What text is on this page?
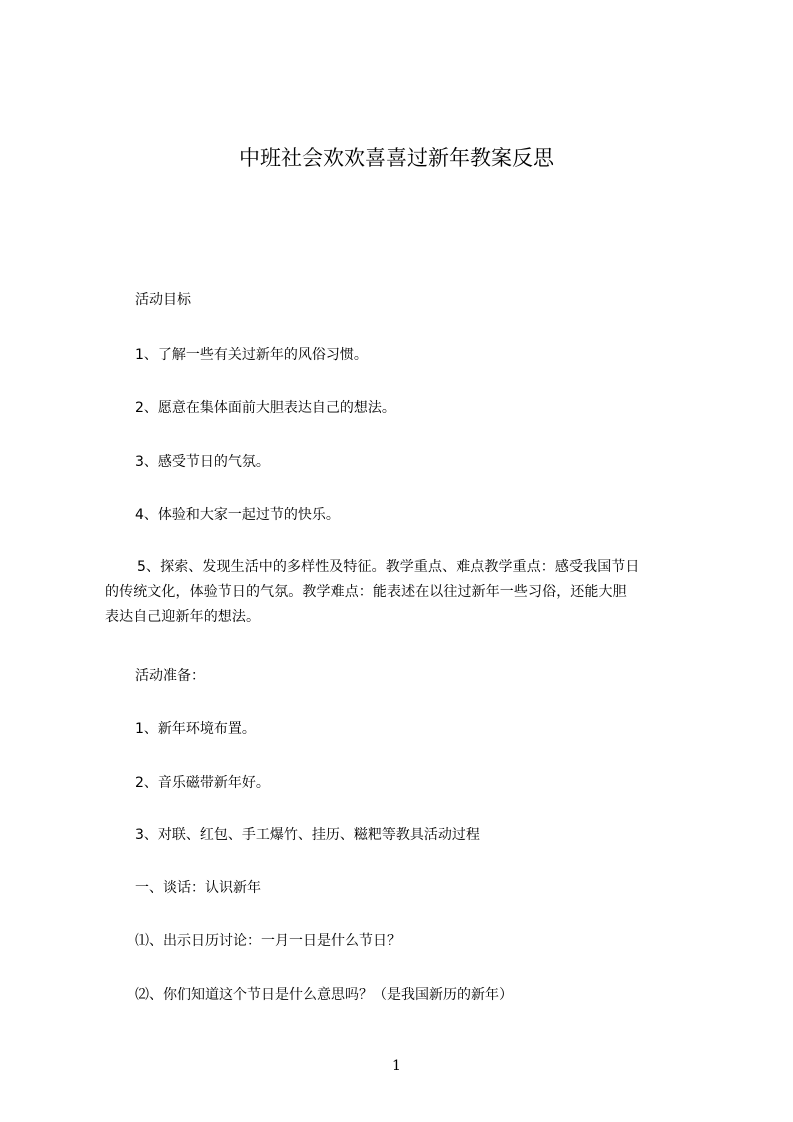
中班社会欢欢喜喜过新年教案反思
活动目标
1、了解一些有关过新年的风俗习惯。
2、愿意在集体面前大胆表达自己的想法。
3、感受节日的气氛。
4、体验和大家一起过节的快乐。
5、探索、发现生活中的多样性及特征。教学重点、难点教学重点：感受我国节日
的传统文化，体验节日的气氛。教学难点：能表述在以往过新年一些习俗，还能大胆
表达自己迎新年的想法。
活动准备：
1、新年环境布置。
2、音乐磁带新年好。
3、对联、红包、手工爆竹、挂历、糍粑等教具活动过程
一、谈话：认识新年
⑴、出示日历讨论：一月一日是什么节日？
⑵、你们知道这个节日是什么意思吗？（是我国新历的新年）
1
